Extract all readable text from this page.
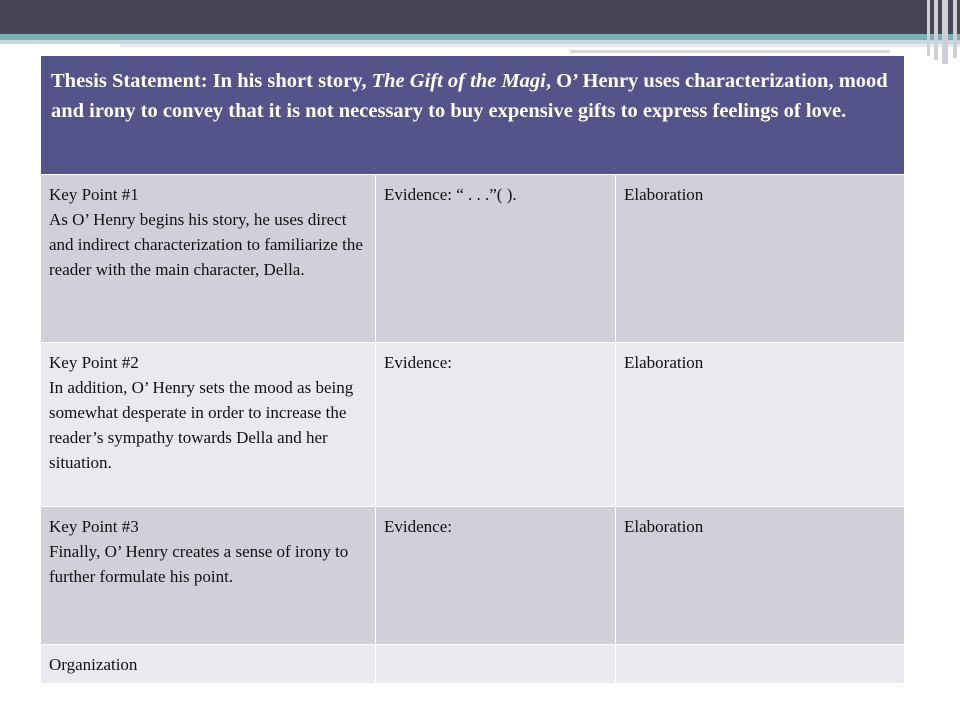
Thesis Statement: In his short story, The Gift of the Magi, O’ Henry uses characterization, mood and irony to convey that it is not necessary to buy expensive gifts to express feelings of love.		

Key Point #1
As O’ Henry begins his story, he uses direct and indirect characterization to familiarize the reader with the main character, Della.	Evidence: “ . . .”( ).	Elaboration

Key Point #2
In addition, O’ Henry sets the mood as being somewhat desperate in order to increase the reader’s sympathy towards Della and her situation.	Evidence:	Elaboration

Key Point #3
Finally, O’ Henry creates a sense of irony to further formulate his point.	Evidence:	Elaboration
Organization		
